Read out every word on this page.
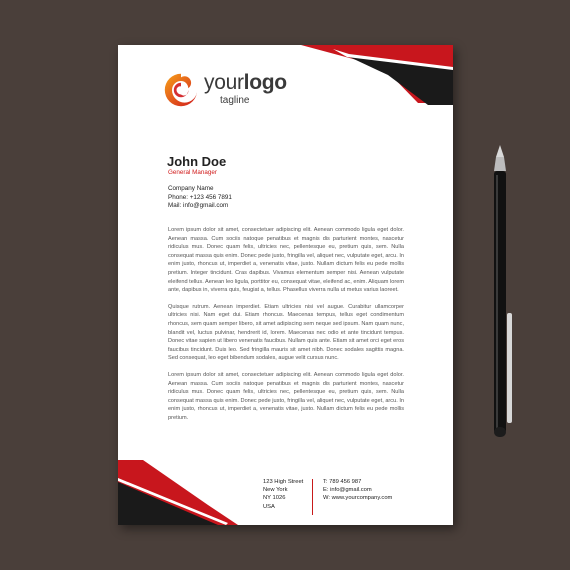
yourlogo
tagline
John Doe
General Manager
Company Name
Phone: +123 456 7891
Mail: info@gmail.com

Lorem ipsum dolor sit amet, consectetuer adipiscing elit. Aenean commodo ligula eget dolor. Aenean massa. Cum sociis natoque penatibus et magnis dis parturient montes, nascetur ridiculus mus. Donec quam felis, ultricies nec, pellentesque eu, pretium quis, sem. Nulla consequat massa quis enim. Donec pede justo, fringilla vel, aliquet nec, vulputate eget, arcu. In enim justo, rhoncus ut, imperdiet a, venenatis vitae, justo. Nullam dictum felis eu pede mollis pretium. Integer tincidunt. Cras dapibus. Vivamus elementum semper nisi. Aenean vulputate eleifend tellus. Aenean leo ligula, porttitor eu, consequat vitae, eleifend ac, enim. Aliquam lorem ante, dapibus in, viverra quis, feugiat a, tellus. Phasellus viverra nulla ut metus varius laoreet.

Quisque rutrum. Aenean imperdiet. Etiam ultricies nisi vel augue. Curabitur ullamcorper ultricies nisi. Nam eget dui. Etiam rhoncus. Maecenas tempus, tellus eget condimentum rhoncus, sem quam semper libero, sit amet adipiscing sem neque sed ipsum. Nam quam nunc, blandit vel, luctus pulvinar, hendrerit id, lorem. Maecenas nec odio et ante tincidunt tempus. Donec vitae sapien ut libero venenatis faucibus. Nullam quis ante. Etiam sit amet orci eget eros faucibus tincidunt. Duis leo. Sed fringilla mauris sit amet nibh. Donec sodales sagittis magna. Sed consequat, leo eget bibendum sodales, augue velit cursus nunc.

Lorem ipsum dolor sit amet, consectetuer adipiscing elit. Aenean commodo ligula eget dolor. Aenean massa. Cum sociis natoque penatibus et magnis dis parturient montes, nascetur ridiculus mus. Donec quam felis, ultricies nec, pellentesque eu, pretium quis, sem. Nulla consequat massa quis enim. Donec pede justo, fringilla vel, aliquet nec, vulputate eget, arcu. In enim justo, rhoncus ut, imperdiet a, venenatis vitae, justo. Nullam dictum felis eu pede mollis pretium.

123 High Street
New York
NY 1026
USA
T: 789 456 987
E: info@gmail.com
W: www.yourcompany.com
